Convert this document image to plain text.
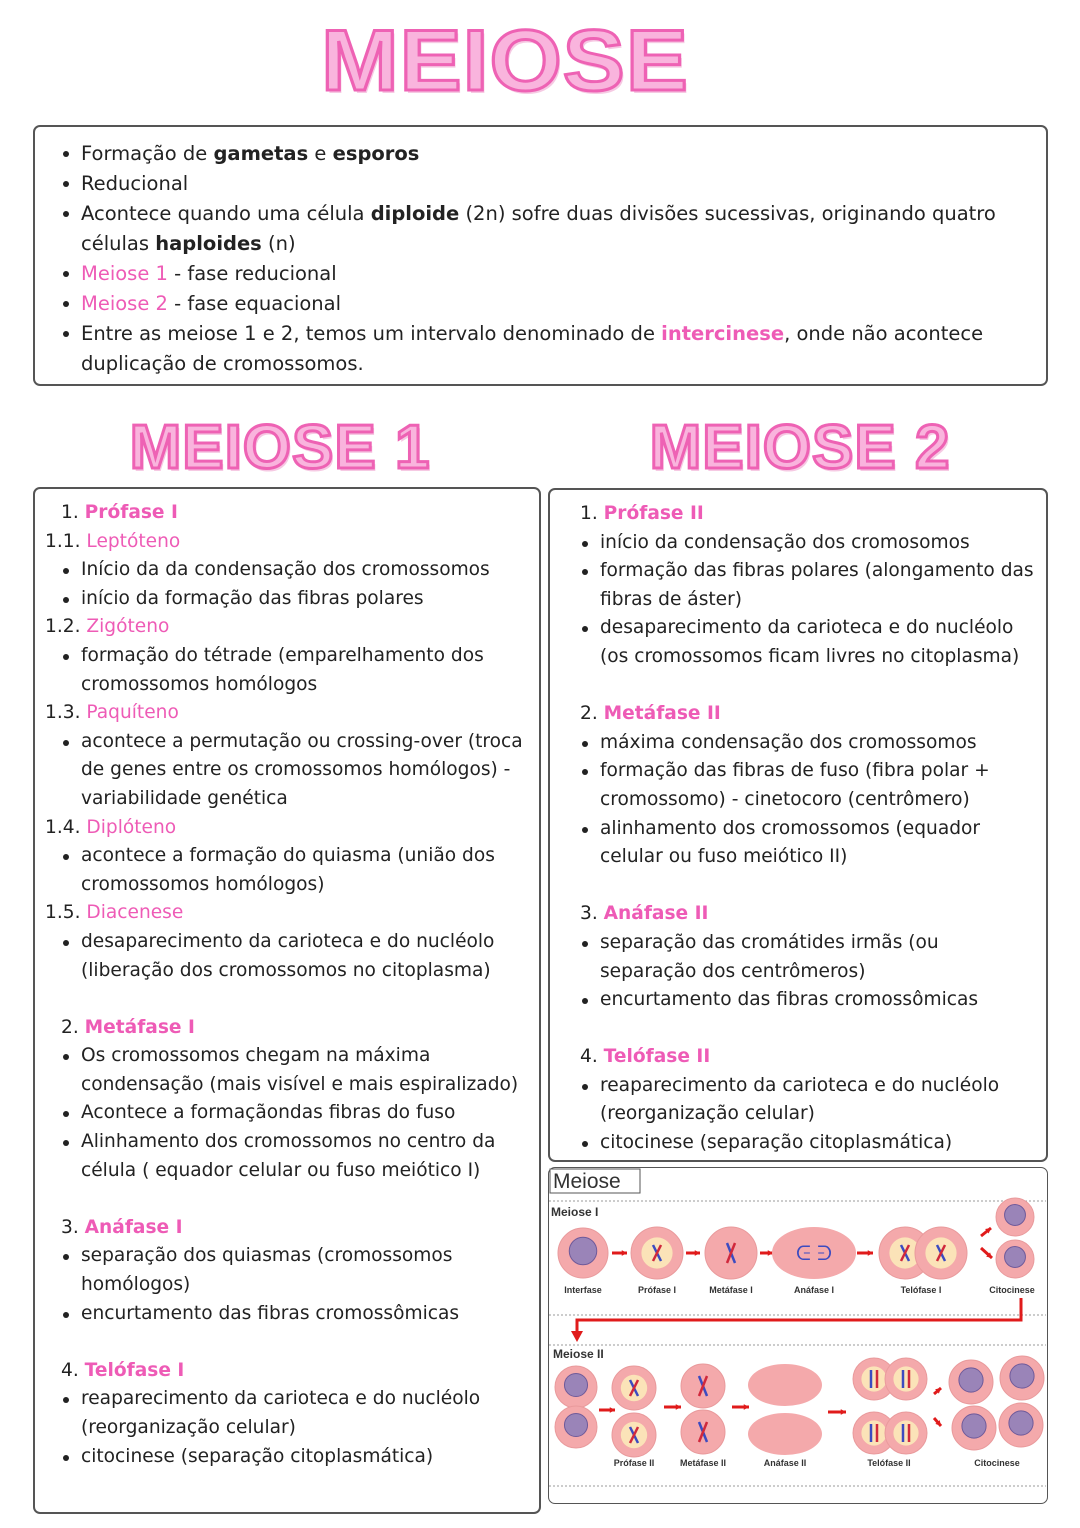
MEIOSE
Formação de gametas e esporos
Reducional
Acontece quando uma célula diploide (2n) sofre duas divisões sucessivas, originando quatro células haploides (n)
Meiose 1 - fase reducional
Meiose 2 - fase equacional
Entre as meiose 1 e 2, temos um intervalo denominado de intercinese, onde não acontece duplicação de cromossomos.
MEIOSE 1	MEIOSE 2
1. Prófase I
1.1. Leptóteno
Início da da condensação dos cromossomos
início da formação das fibras polares
1.2. Zigóteno
formação do tétrade (emparelhamento dos cromossomos homólogos
1.3. Paquíteno
acontece a permutação ou crossing-over (troca de genes entre os cromossomos homólogos) - variabilidade genética
1.4. Diplóteno
acontece a formação do quiasma (união dos cromossomos homólogos)
1.5. Diacenese
desaparecimento da carioteca e do nucléolo (liberação dos cromossomos no citoplasma)
2. Metáfase I
Os cromossomos chegam na máxima condensação (mais visível e mais espiralizado)
Acontece a formaçãondas fibras do fuso
Alinhamento dos cromossomos no centro da célula ( equador celular ou fuso meiótico I)
3. Anáfase I
separação dos quiasmas (cromossomos homólogos)
encurtamento das fibras cromossômicas
4. Telófase I
reaparecimento da carioteca e do nucléolo (reorganização celular)
citocinese (separação citoplasmática)
1. Prófase II
início da condensação dos cromosomos
formação das fibras polares (alongamento das fibras de áster)
desaparecimento da carioteca e do nucléolo (os cromossomos ficam livres no citoplasma)
2. Metáfase II
máxima condensação dos cromossomos
formação das fibras de fuso (fibra polar + cromossomo) - cinetocoro (centrômero)
alinhamento dos cromossomos (equador celular ou fuso meiótico II)
3. Anáfase II
separação das cromátides irmãs (ou separação dos centrômeros)
encurtamento das fibras cromossômicas
4. Telófase II
reaparecimento da carioteca e do nucléolo (reorganização celular)
citocinese (separação citoplasmática)
Meiose
Meiose I
Meiose II
ᕮ ᕭ
Interfase	Prófase I	Metáfase I	Anáfase I	Telófase I	Citocinese
Prófase II	Metáfase II	Anáfase II	Telófase II	Citocinese
